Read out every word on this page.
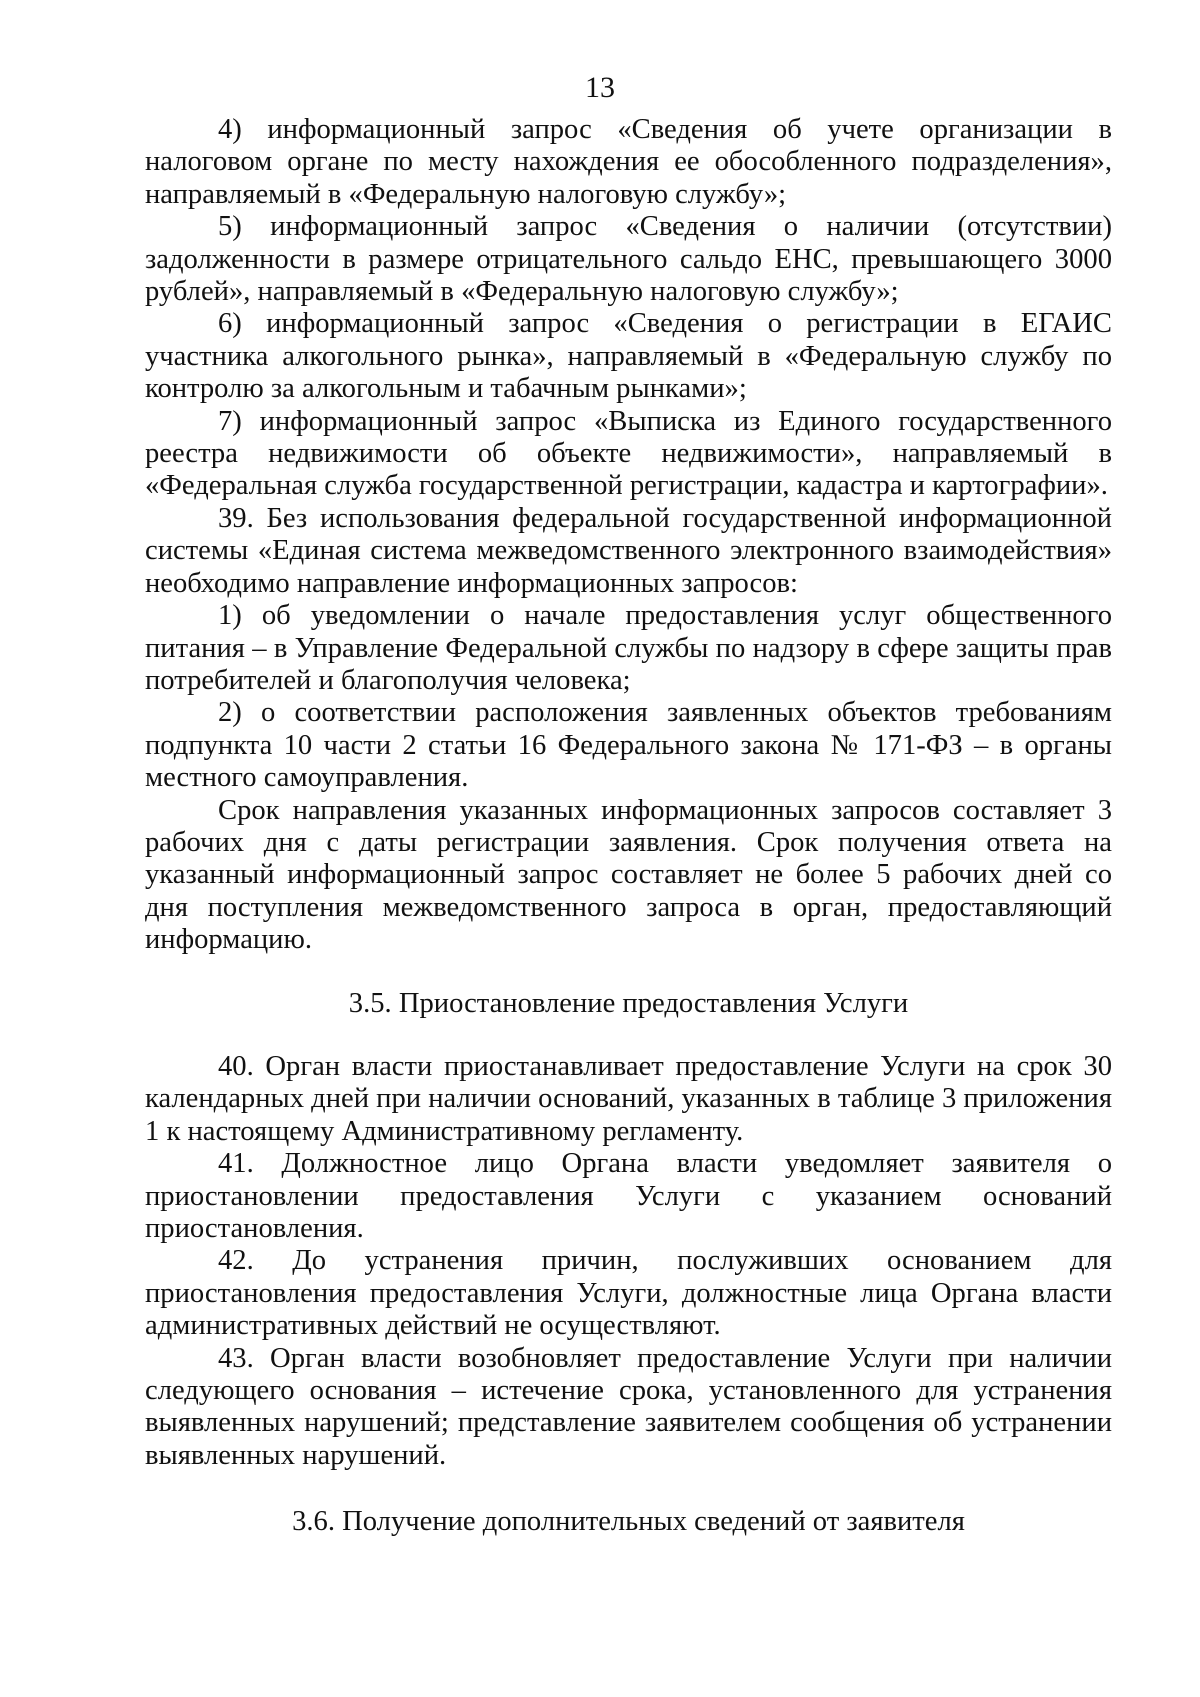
13

4) информационный запрос «Сведения об учете организации в налоговом органе по месту нахождения ее обособленного подразделения», направляемый в «Федеральную налоговую службу»;

5) информационный запрос «Сведения о наличии (отсутствии) задолженности в размере отрицательного сальдо ЕНС, превышающего 3000 рублей», направляемый в «Федеральную налоговую службу»;

6) информационный запрос «Сведения о регистрации в ЕГАИС участника алкогольного рынка», направляемый в «Федеральную службу по контролю за алкогольным и табачным рынками»;

7) информационный запрос «Выписка из Единого государственного реестра недвижимости об объекте недвижимости», направляемый в «Федеральная служба государственной регистрации, кадастра и картографии».

39. Без использования федеральной государственной информационной системы «Единая система межведомственного электронного взаимодействия» необходимо направление информационных запросов:

1) об уведомлении о начале предоставления услуг общественного питания – в Управление Федеральной службы по надзору в сфере защиты прав потребителей и благополучия человека;

2) о соответствии расположения заявленных объектов требованиям подпункта 10 части 2 статьи 16 Федерального закона № 171-ФЗ – в органы местного самоуправления.

Срок направления указанных информационных запросов составляет 3 рабочих дня с даты регистрации заявления. Срок получения ответа на указанный информационный запрос составляет не более 5 рабочих дней со дня поступления межведомственного запроса в орган, предоставляющий информацию.

3.5. Приостановление предоставления Услуги

40. Орган власти приостанавливает предоставление Услуги на срок 30 календарных дней при наличии оснований, указанных в таблице 3 приложения 1 к настоящему Административному регламенту.

41. Должностное лицо Органа власти уведомляет заявителя о приостановлении предоставления Услуги с указанием оснований приостановления.

42. До устранения причин, послуживших основанием для приостановления предоставления Услуги, должностные лица Органа власти административных действий не осуществляют.

43. Орган власти возобновляет предоставление Услуги при наличии следующего основания – истечение срока, установленного для устранения выявленных нарушений; представление заявителем сообщения об устранении выявленных нарушений.

3.6. Получение дополнительных сведений от заявителя
